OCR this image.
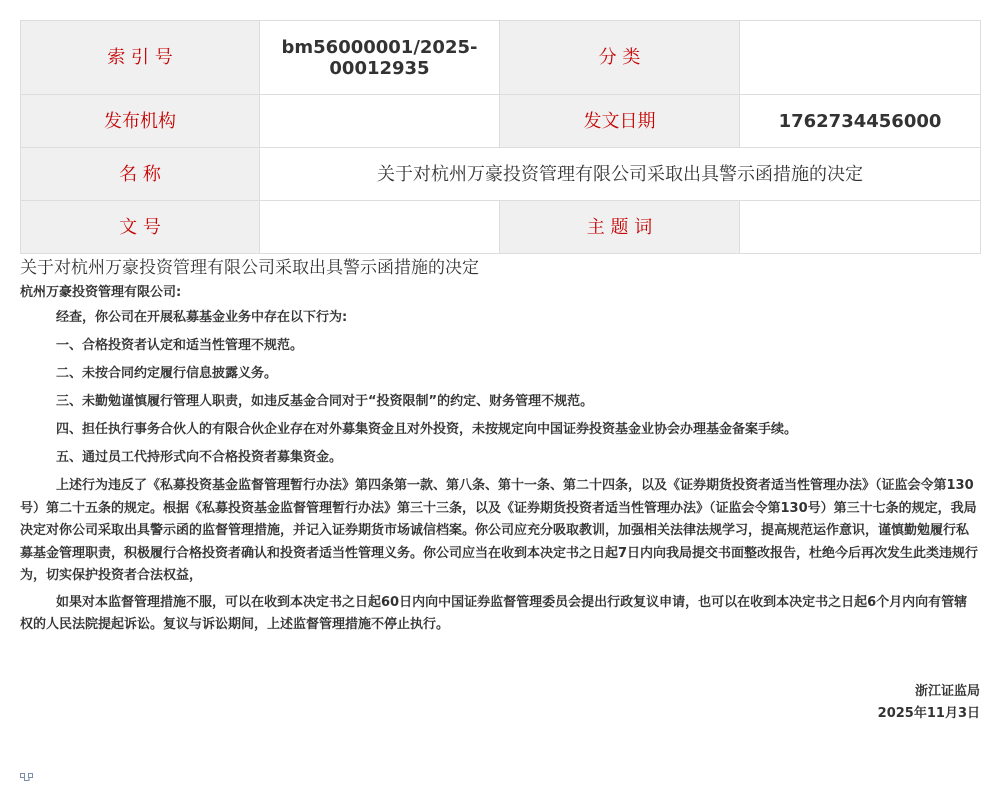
索 引 号	bm56000001/2025-00012935	分 类	
发布机构		发文日期	1762734456000
名 称	关于对杭州万豪投资管理有限公司采取出具警示函措施的决定		
文 号		主 题 词	
关于对杭州万豪投资管理有限公司采取出具警示函措施的决定
杭州万豪投资管理有限公司:

经查，你公司在开展私募基金业务中存在以下行为:

一、合格投资者认定和适当性管理不规范。

二、未按合同约定履行信息披露义务。

三、未勤勉谨慎履行管理人职责，如违反基金合同对于“投资限制”的约定、财务管理不规范。

四、担任执行事务合伙人的有限合伙企业存在对外募集资金且对外投资，未按规定向中国证券投资基金业协会办理基金备案手续。

五、通过员工代持形式向不合格投资者募集资金。

上述行为违反了《私募投资基金监督管理暂行办法》第四条第一款、第八条、第十一条、第二十四条，以及《证券期货投资者适当性管理办法》（证监会令第130号）第二十五条的规定。根据《私募投资基金监督管理暂行办法》第三十三条，以及《证券期货投资者适当性管理办法》（证监会令第130号）第三十七条的规定，我局决定对你公司采取出具警示函的监督管理措施，并记入证券期货市场诚信档案。你公司应充分吸取教训，加强相关法律法规学习，提高规范运作意识，谨慎勤勉履行私募基金管理职责，积极履行合格投资者确认和投资者适当性管理义务。你公司应当在收到本决定书之日起7日内向我局提交书面整改报告，杜绝今后再次发生此类违规行为，切实保护投资者合法权益，

如果对本监督管理措施不服，可以在收到本决定书之日起60日内向中国证券监督管理委员会提出行政复议申请，也可以在收到本决定书之日起6个月内向有管辖权的人民法院提起诉讼。复议与诉讼期间，上述监督管理措施不停止执行。

浙江证监局
2025年11月3日
